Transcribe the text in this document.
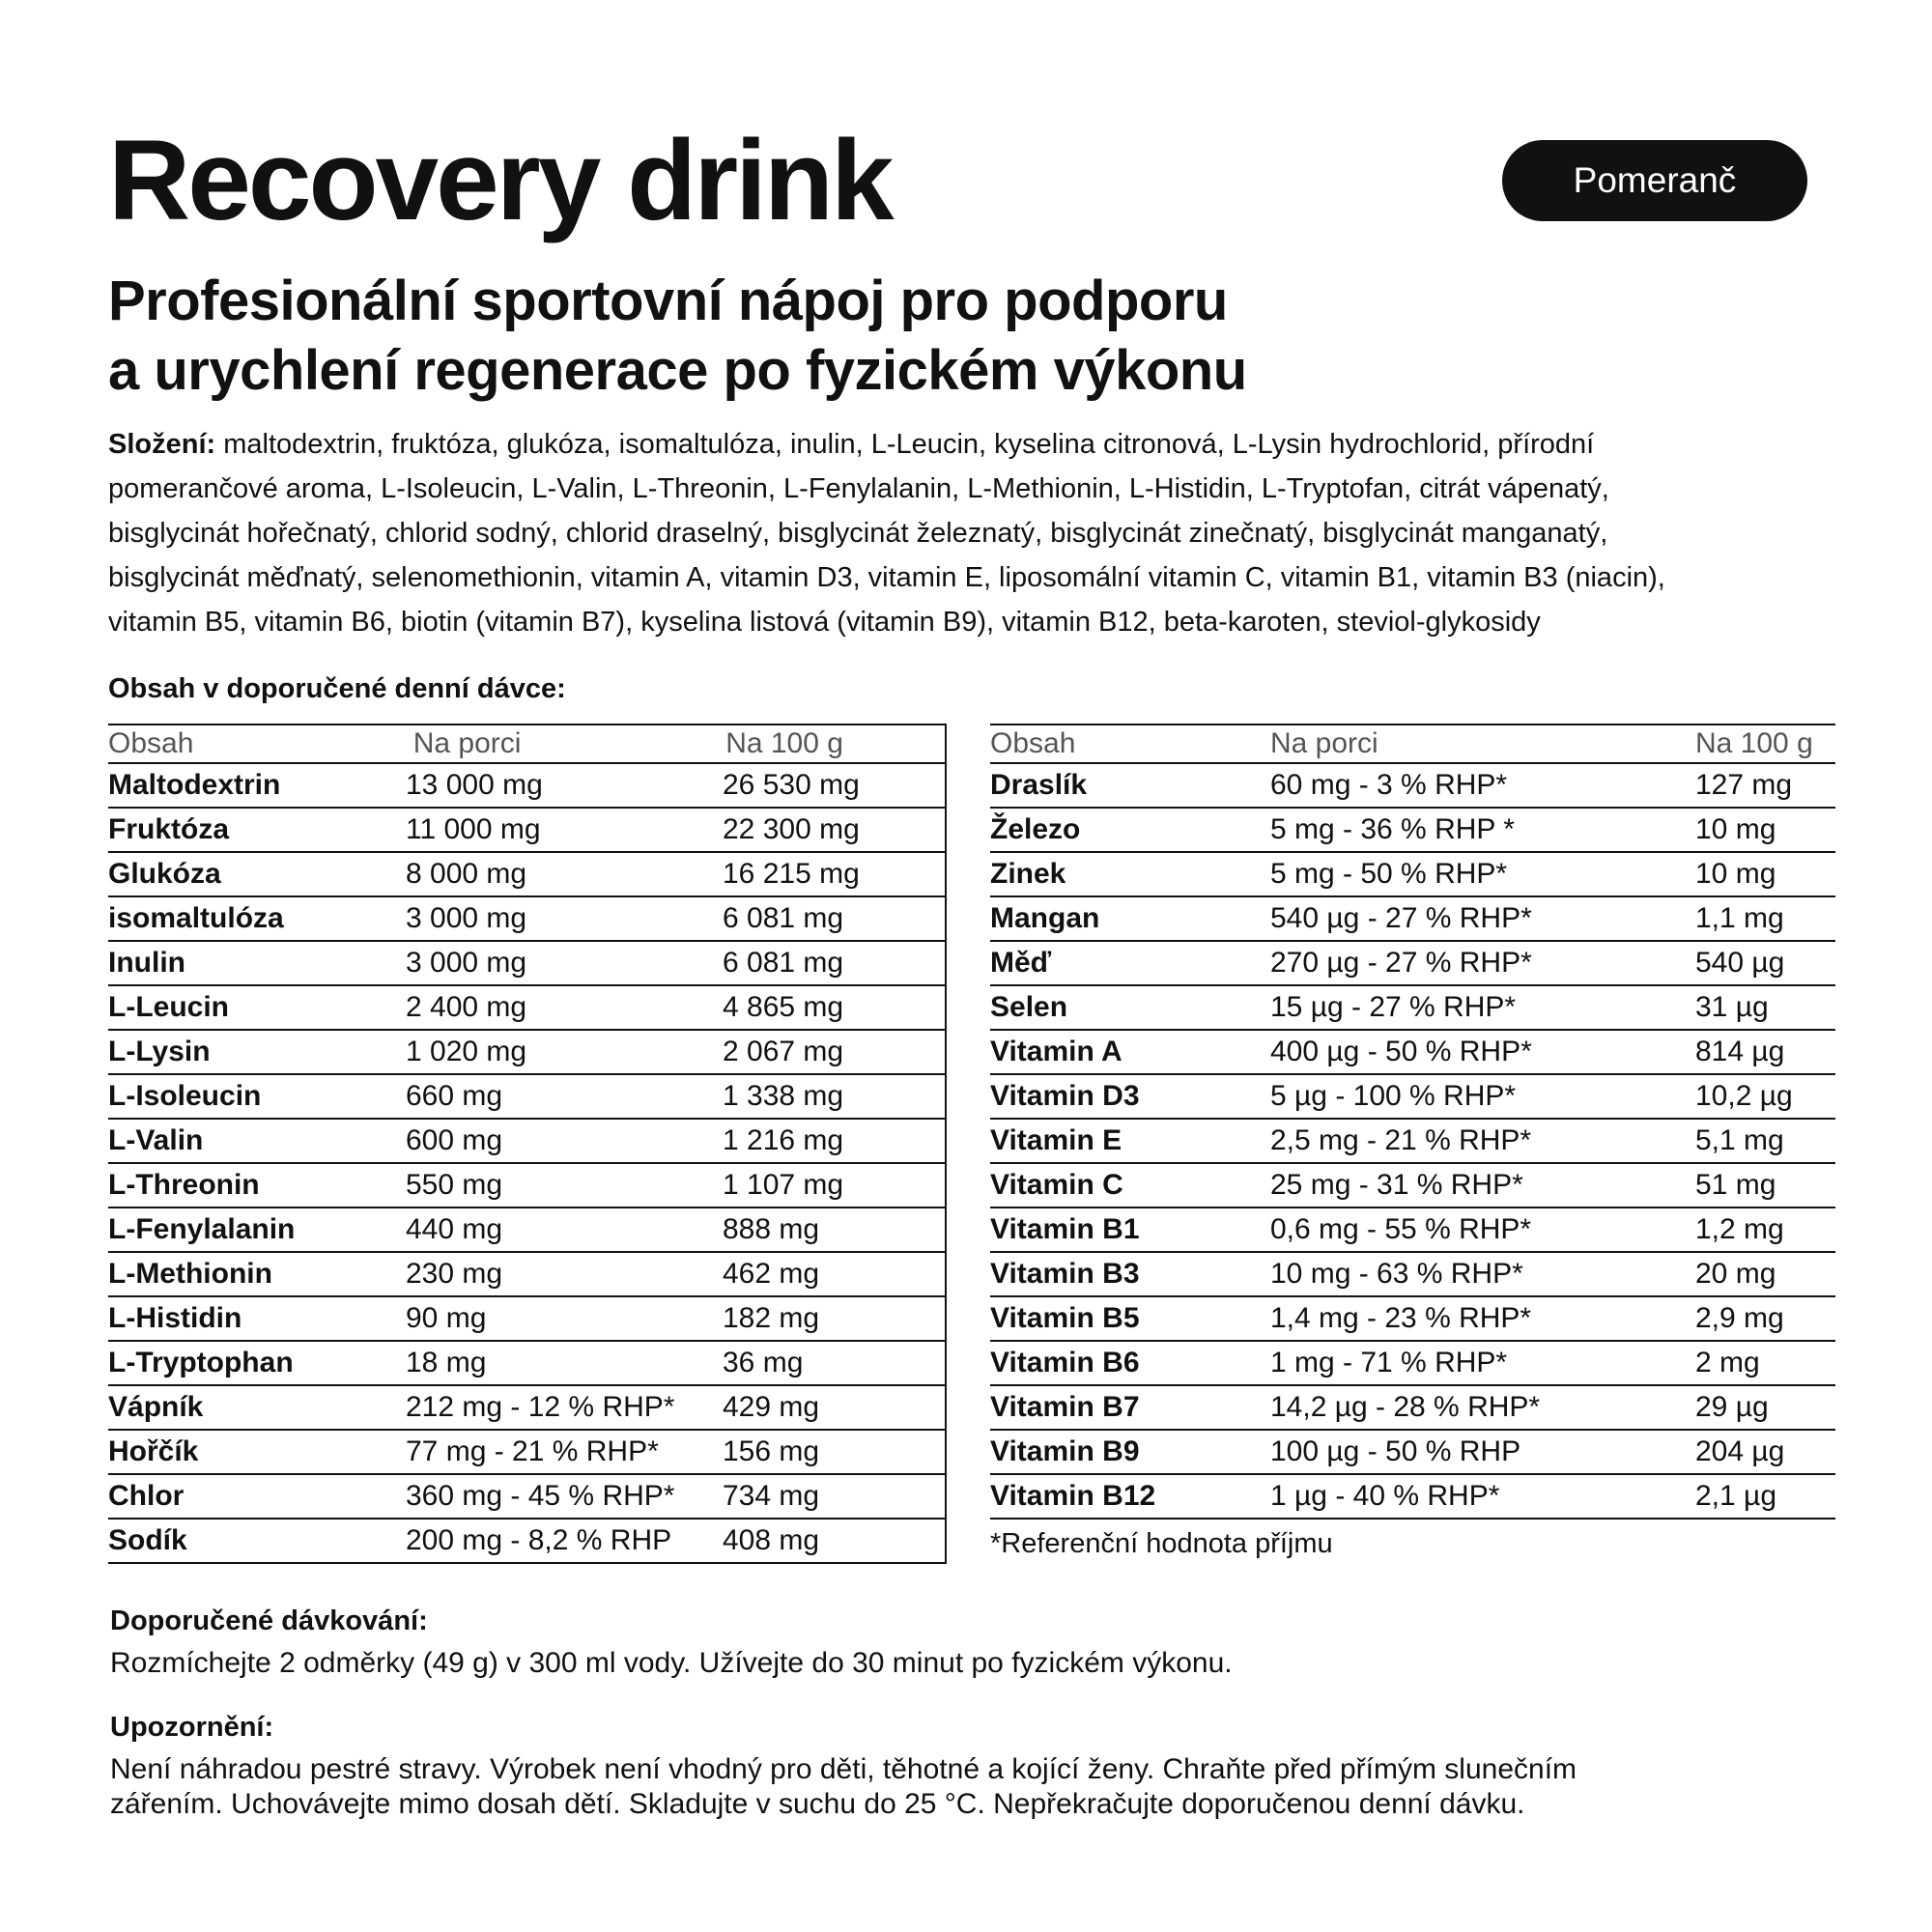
Recovery drink	Pomeranč
Profesionální sportovní nápoj pro podporu
a urychlení regenerace po fyzickém výkonu
Složení: maltodextrin, fruktóza, glukóza, isomaltulóza, inulin, L-Leucin, kyselina citronová, L-Lysin hydrochlorid, přírodní
pomerančové aroma, L-Isoleucin, L-Valin, L-Threonin, L-Fenylalanin, L-Methionin, L-Histidin, L-Tryptofan, citrát vápenatý,
bisglycinát hořečnatý, chlorid sodný, chlorid draselný, bisglycinát železnatý, bisglycinát zinečnatý, bisglycinát manganatý,
bisglycinát měďnatý, selenomethionin, vitamin A, vitamin D3, vitamin E, liposomální vitamin C, vitamin B1, vitamin B3 (niacin),
vitamin B5, vitamin B6, biotin (vitamin B7), kyselina listová (vitamin B9), vitamin B12, beta-karoten, steviol-glykosidy
Obsah v doporučené denní dávce:
Obsah	Na porci	Na 100 g
Maltodextrin	13 000 mg	26 530 mg
Fruktóza	11 000 mg	22 300 mg
Glukóza	8 000 mg	16 215 mg
isomaltulóza	3 000 mg	6 081 mg
Inulin	3 000 mg	6 081 mg
L-Leucin	2 400 mg	4 865 mg
L-Lysin	1 020 mg	2 067 mg
L-Isoleucin	660 mg	1 338 mg
L-Valin	600 mg	1 216 mg
L-Threonin	550 mg	1 107 mg
L-Fenylalanin	440 mg	888 mg
L-Methionin	230 mg	462 mg
L-Histidin	90 mg	182 mg
L-Tryptophan	18 mg	36 mg
Vápník	212 mg - 12 % RHP*	429 mg
Hořčík	77 mg - 21 % RHP*	156 mg
Chlor	360 mg - 45 % RHP*	734 mg
Sodík	200 mg - 8,2 % RHP	408 mg
Obsah	Na porci	Na 100 g
Draslík	60 mg - 3 % RHP*	127 mg
Železo	5 mg - 36 % RHP *	10 mg
Zinek	5 mg - 50 % RHP*	10 mg
Mangan	540 µg - 27 % RHP*	1,1 mg
Měď	270 µg - 27 % RHP*	540 µg
Selen	15 µg - 27 % RHP*	31 µg
Vitamin A	400 µg - 50 % RHP*	814 µg
Vitamin D3	5 µg - 100 % RHP*	10,2 µg
Vitamin E	2,5 mg - 21 % RHP*	5,1 mg
Vitamin C	25 mg - 31 % RHP*	51 mg
Vitamin B1	0,6 mg - 55 % RHP*	1,2 mg
Vitamin B3	10 mg - 63 % RHP*	20 mg
Vitamin B5	1,4 mg - 23 % RHP*	2,9 mg
Vitamin B6	1 mg - 71 % RHP*	2 mg
Vitamin B7	14,2 µg - 28 % RHP*	29 µg
Vitamin B9	100 µg - 50 % RHP	204 µg
Vitamin B12	1 µg - 40 % RHP*	2,1 µg
*Referenční hodnota příjmu
Doporučené dávkování:
Rozmíchejte 2 odměrky (49 g) v 300 ml vody. Užívejte do 30 minut po fyzickém výkonu.
Upozornění:
Není náhradou pestré stravy. Výrobek není vhodný pro děti, těhotné a kojící ženy. Chraňte před přímým slunečním
zářením. Uchovávejte mimo dosah dětí. Skladujte v suchu do 25 °C. Nepřekračujte doporučenou denní dávku.
